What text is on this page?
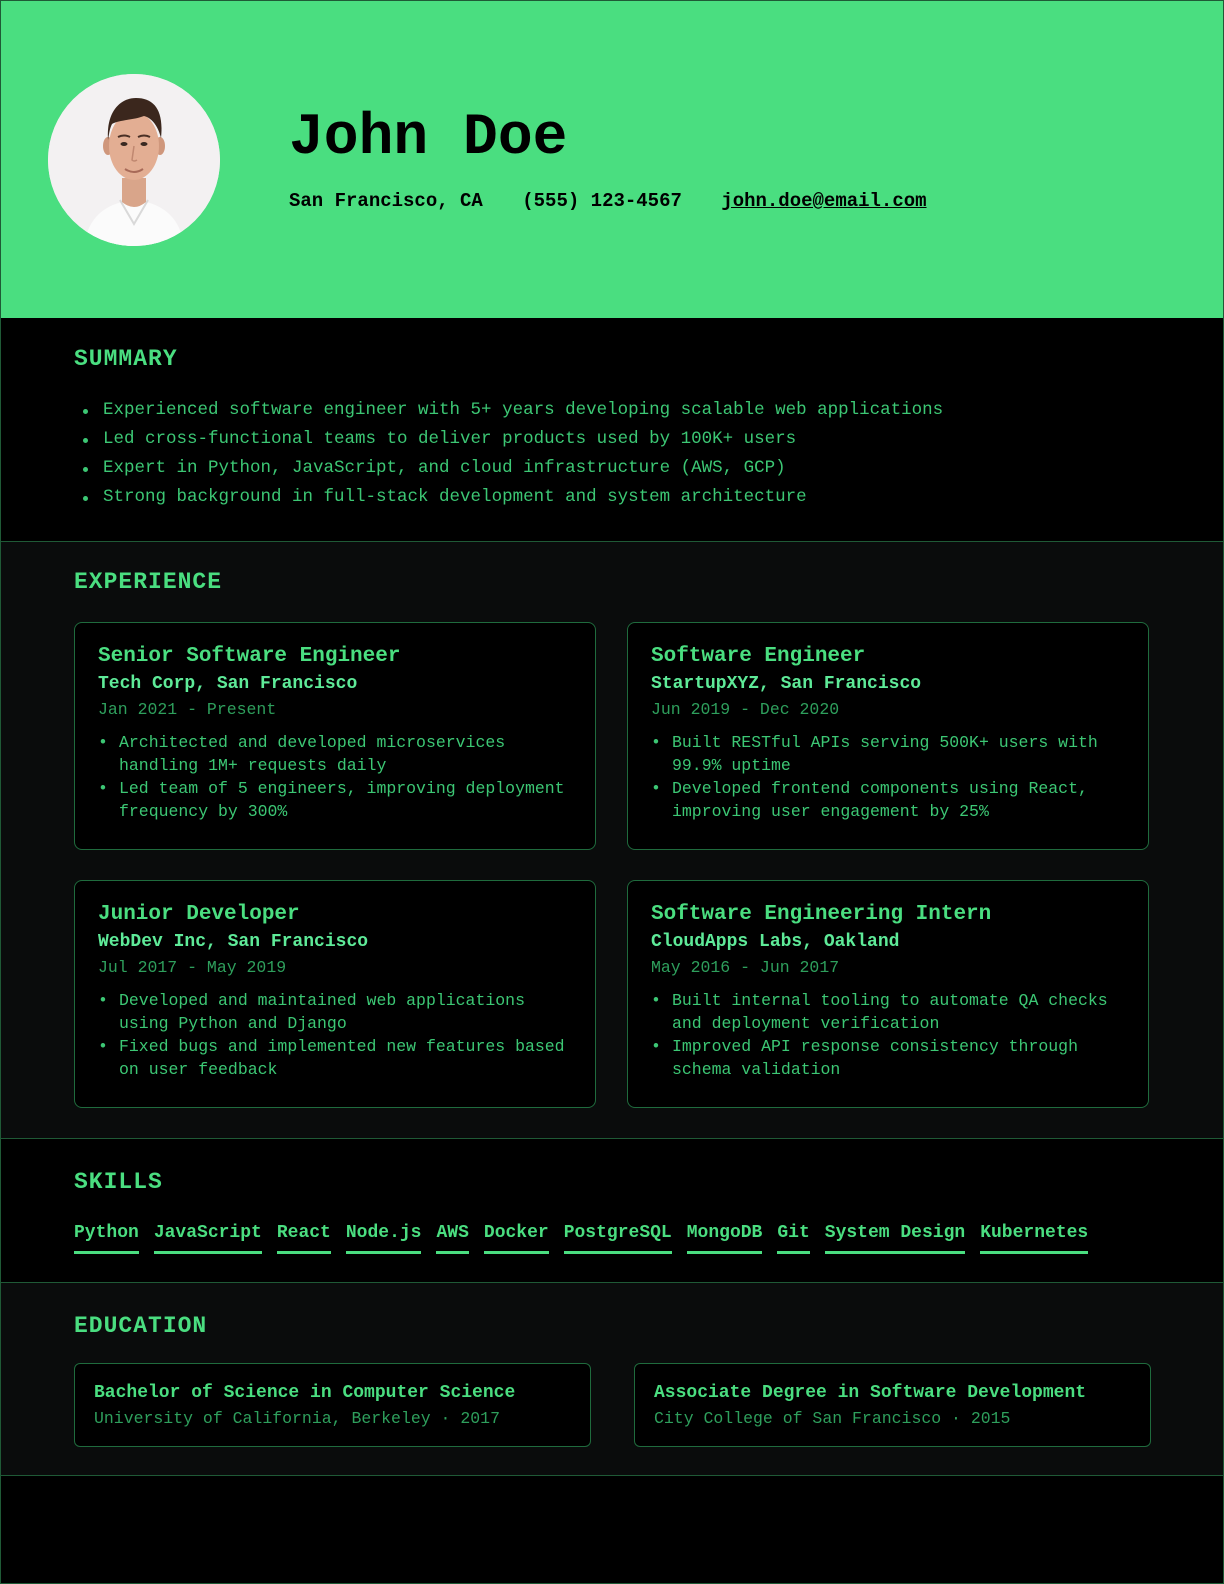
John Doe
San Francisco, CA (555) 123-4567 john.doe@email.com
SUMMARY
Experienced software engineer with 5+ years developing scalable web applications
Led cross-functional teams to deliver products used by 100K+ users
Expert in Python, JavaScript, and cloud infrastructure (AWS, GCP)
Strong background in full-stack development and system architecture
EXPERIENCE
Senior Software Engineer
Tech Corp, San Francisco
Jan 2021 - Present
• Architected and developed microservices handling 1M+ requests daily
• Led team of 5 engineers, improving deployment frequency by 300%
Software Engineer
StartupXYZ, San Francisco
Jun 2019 - Dec 2020
• Built RESTful APIs serving 500K+ users with 99.9% uptime
• Developed frontend components using React, improving user engagement by 25%
Junior Developer
WebDev Inc, San Francisco
Jul 2017 - May 2019
• Developed and maintained web applications using Python and Django
• Fixed bugs and implemented new features based on user feedback
Software Engineering Intern
CloudApps Labs, Oakland
May 2016 - Jun 2017
• Built internal tooling to automate QA checks and deployment verification
• Improved API response consistency through schema validation
SKILLS
Python JavaScript React Node.js AWS Docker PostgreSQL MongoDB Git System Design Kubernetes
EDUCATION
Bachelor of Science in Computer Science
University of California, Berkeley · 2017
Associate Degree in Software Development
City College of San Francisco · 2015
